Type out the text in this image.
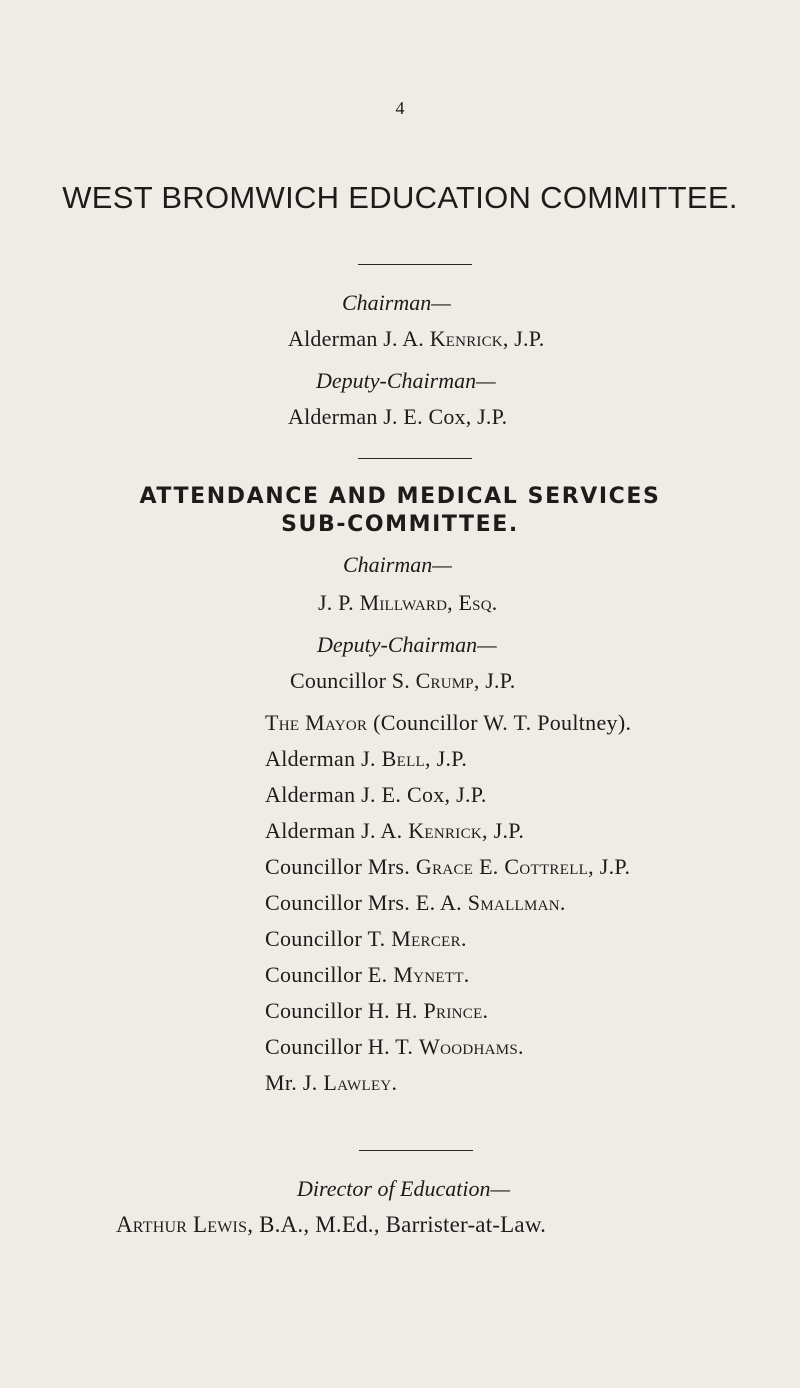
4
WEST BROMWICH EDUCATION COMMITTEE.
Chairman—
Alderman J. A. Kenrick, J.P.
Deputy-Chairman—
Alderman J. E. Cox, J.P.
ATTENDANCE AND MEDICAL SERVICES
SUB-COMMITTEE.
Chairman—
J. P. Millward, Esq.
Deputy-Chairman—
Councillor S. Crump, J.P.
The Mayor (Councillor W. T. Poultney).
Alderman J. Bell, J.P.
Alderman J. E. Cox, J.P.
Alderman J. A. Kenrick, J.P.
Councillor Mrs. Grace E. Cottrell, J.P.
Councillor Mrs. E. A. Smallman.
Councillor T. Mercer.
Councillor E. Mynett.
Councillor H. H. Prince.
Councillor H. T. Woodhams.
Mr. J. Lawley.
Director of Education—
Arthur Lewis, B.A., M.Ed., Barrister-at-Law.
